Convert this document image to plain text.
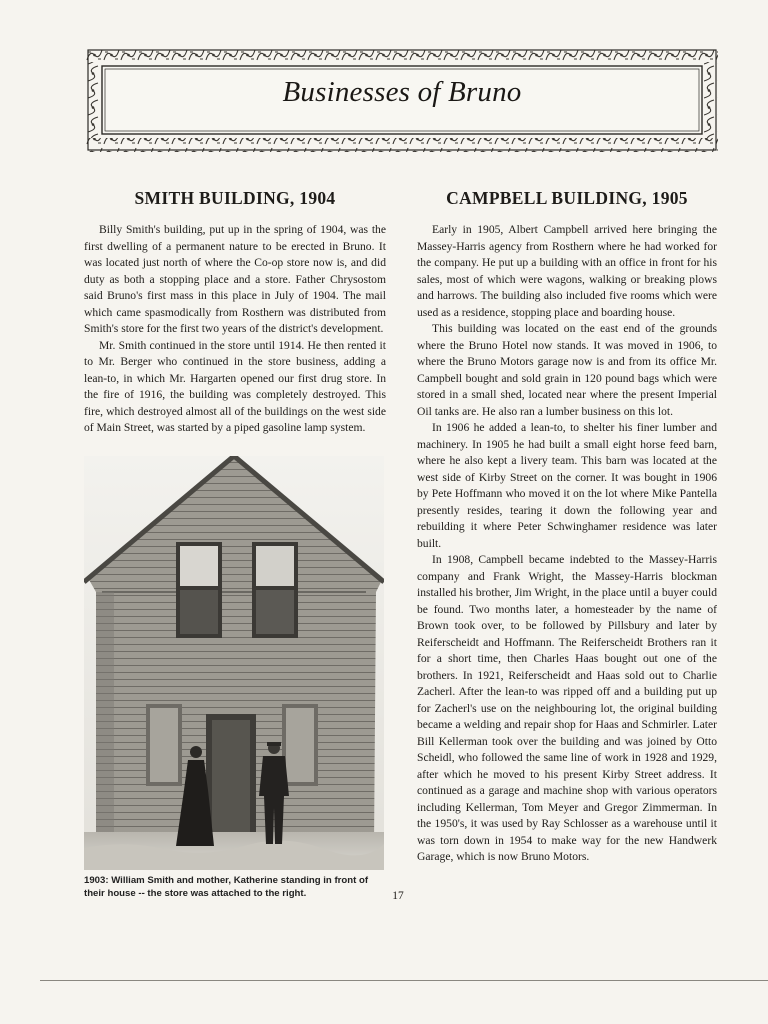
Businesses of Bruno
SMITH BUILDING, 1904

Billy Smith's building, put up in the spring of 1904, was the first dwelling of a permanent nature to be erected in Bruno. It was located just north of where the Co-op store now is, and did duty as both a stopping place and a store. Father Chrysostom said Bruno's first mass in this place in July of 1904. The mail which came spasmodically from Rosthern was distributed from Smith's store for the first two years of the district's development.

Mr. Smith continued in the store until 1914. He then rented it to Mr. Berger who continued in the store business, adding a lean-to, in which Mr. Hargarten opened our first drug store. In the fire of 1916, the building was completely destroyed. This fire, which destroyed almost all of the buildings on the west side of Main Street, was started by a piped gasoline lamp system.

1903: William Smith and mother, Katherine standing in front of their house -- the store was attached to the right.
CAMPBELL BUILDING, 1905

Early in 1905, Albert Campbell arrived here bringing the Massey-Harris agency from Rosthern where he had worked for the company. He put up a building with an office in front for his sales, most of which were wagons, walking or breaking plows and harrows. The building also included five rooms which were used as a residence, stopping place and boarding house.

This building was located on the east end of the grounds where the Bruno Hotel now stands. It was moved in 1906, to where the Bruno Motors garage now is and from its office Mr. Campbell bought and sold grain in 120 pound bags which were stored in a small shed, located near where the present Imperial Oil tanks are. He also ran a lumber business on this lot.

In 1906 he added a lean-to, to shelter his finer lumber and machinery. In 1905 he had built a small eight horse feed barn, where he also kept a livery team. This barn was located at the west side of Kirby Street on the corner. It was bought in 1906 by Pete Hoffmann who moved it on the lot where Mike Pantella presently resides, tearing it down the following year and rebuilding it where Peter Schwinghamer residence was later built.

In 1908, Campbell became indebted to the Massey-Harris company and Frank Wright, the Massey-Harris blockman installed his brother, Jim Wright, in the place until a buyer could be found. Two months later, a homesteader by the name of Brown took over, to be followed by Pillsbury and later by Reiferscheidt and Hoffmann. The Reiferscheidt Brothers ran it for a short time, then Charles Haas bought out one of the brothers. In 1921, Reiferscheidt and Haas sold out to Charlie Zacherl. After the lean-to was ripped off and a building put up for Zacherl's use on the neighbouring lot, the original building became a welding and repair shop for Haas and Schmirler. Later Bill Kellerman took over the building and was joined by Otto Scheidl, who followed the same line of work in 1928 and 1929, after which he moved to his present Kirby Street address. It continued as a garage and machine shop with various operators including Kellerman, Tom Meyer and Gregor Zimmerman. In the 1950's, it was used by Ray Schlosser as a warehouse until it was torn down in 1954 to make way for the new Handwerk Garage, which is now Bruno Motors.

17
